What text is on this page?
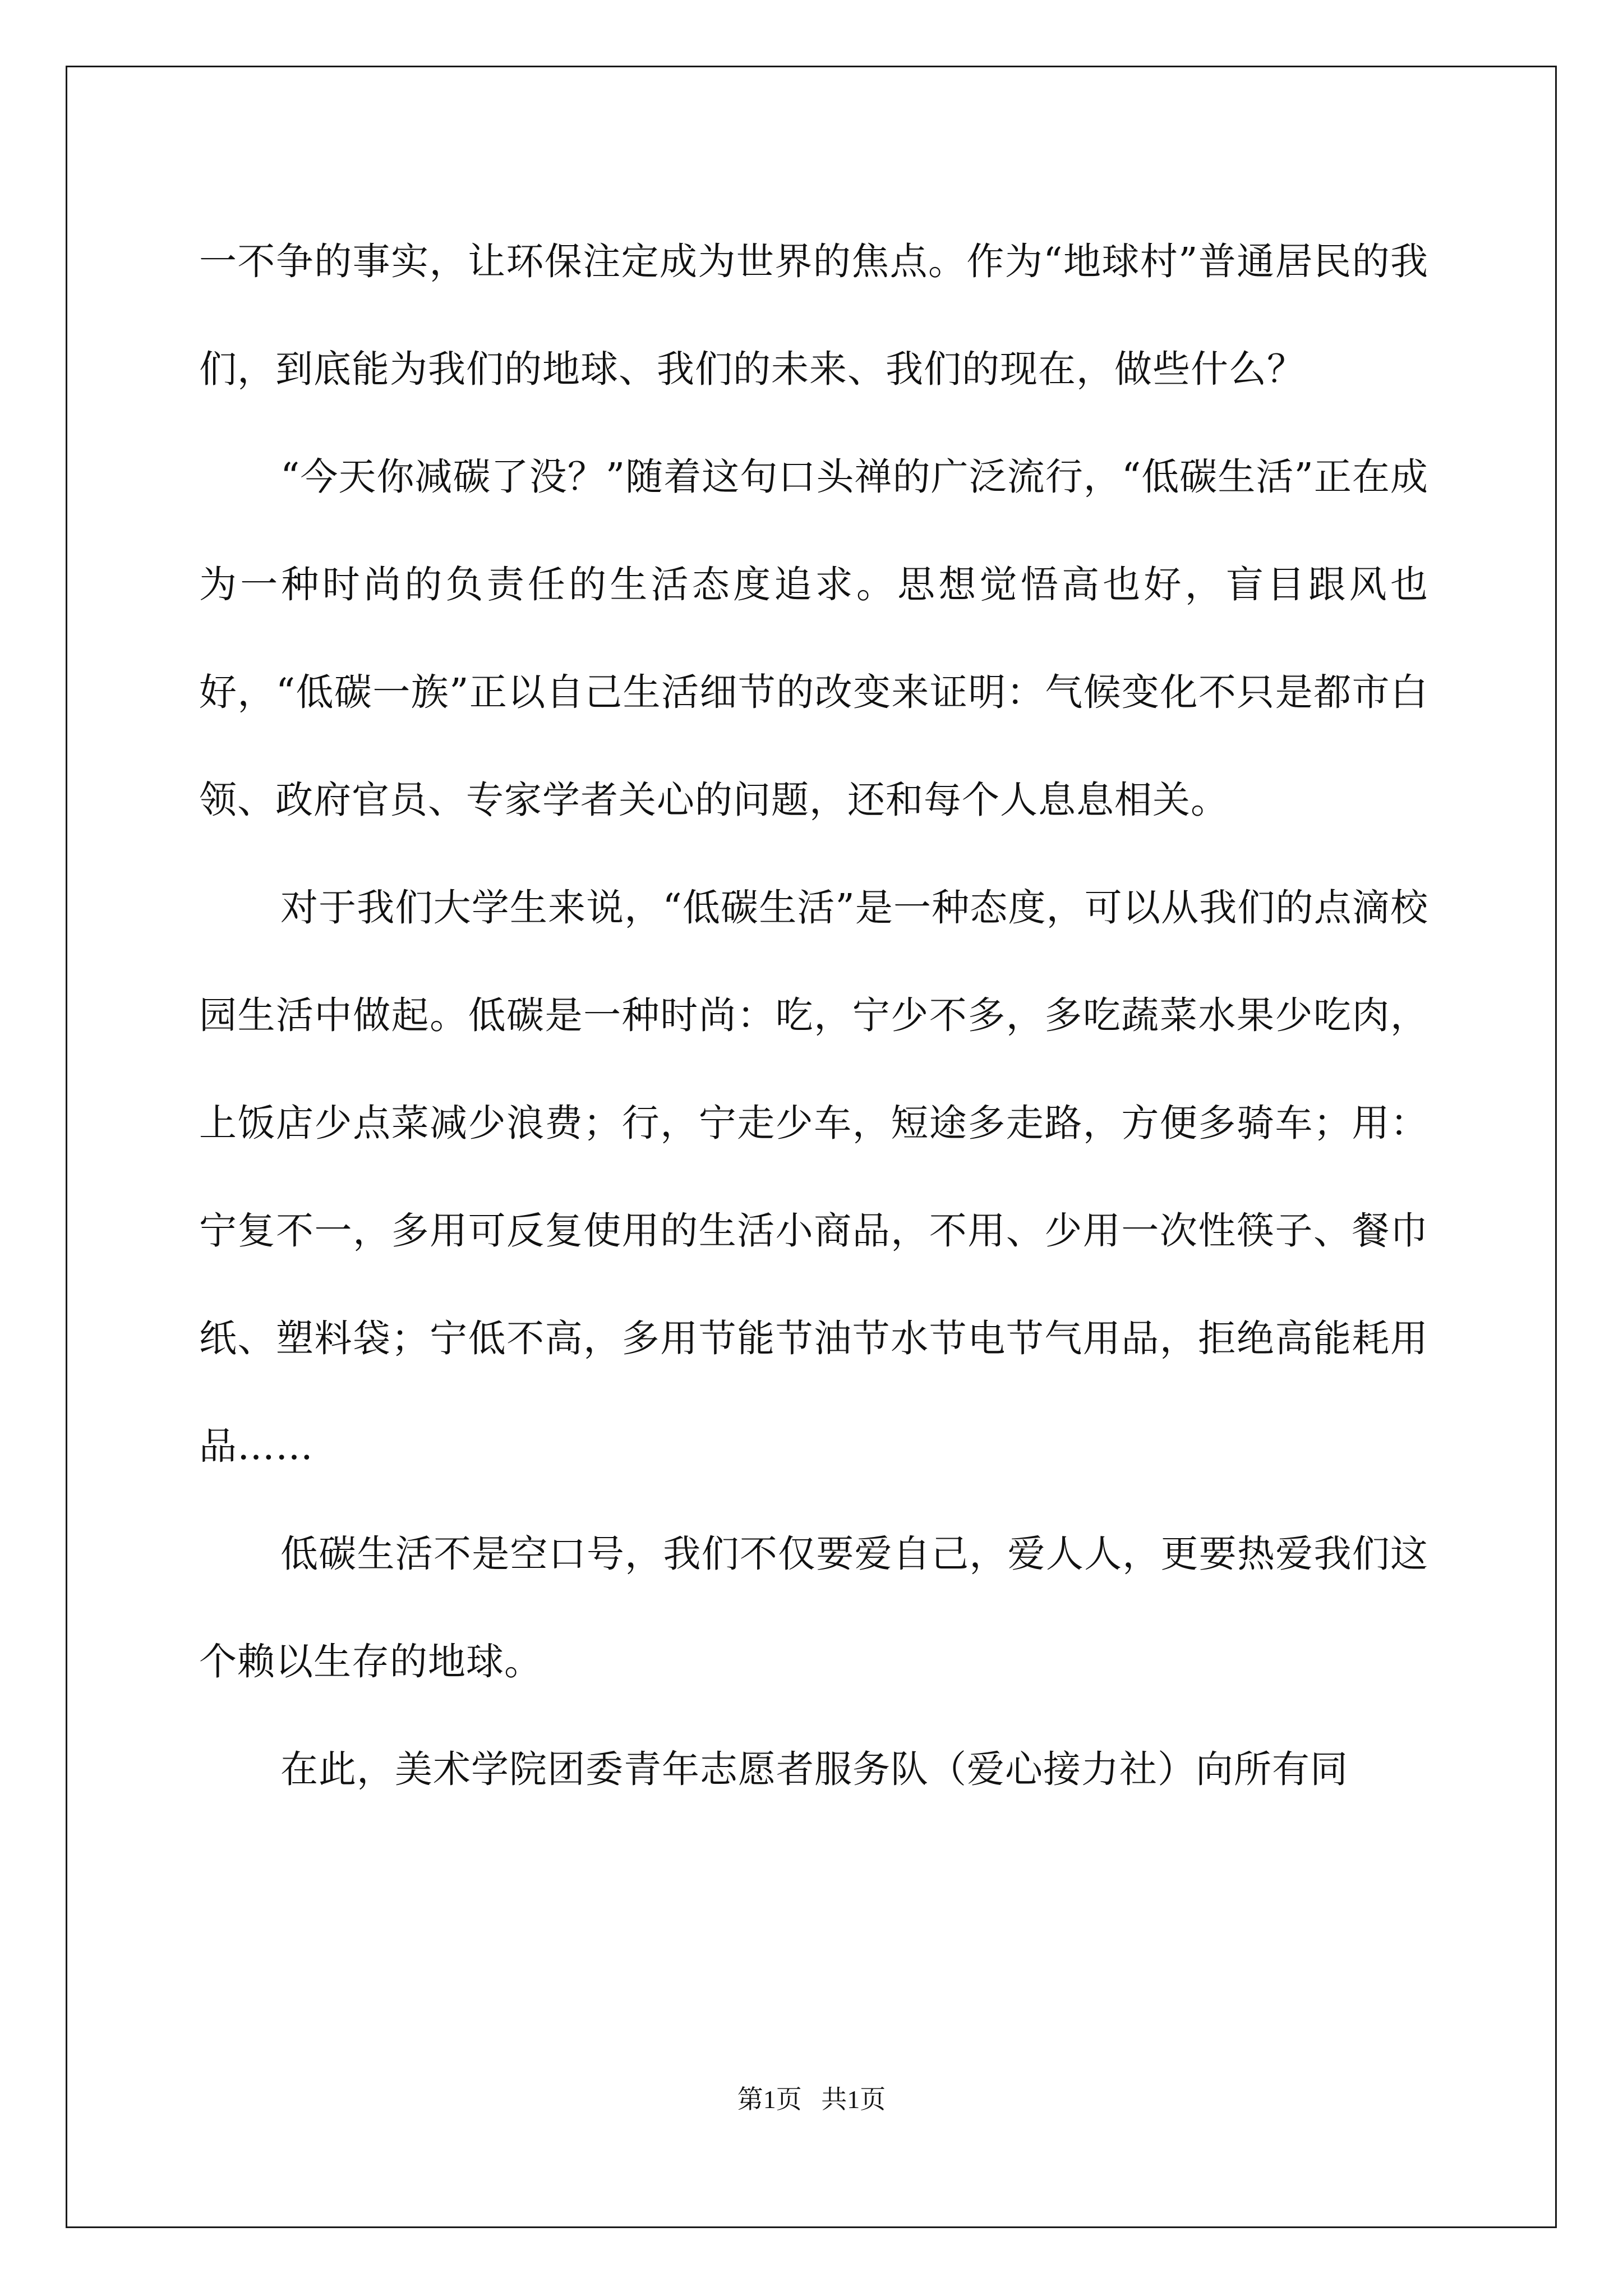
一不争的事实，让环保注定成为世界的焦点。作为“地球村”普通居民的我们，到底能为我们的地球、我们的未来、我们的现在，做些什么？

“今天你减碳了没？”随着这句口头禅的广泛流行，“低碳生活”正在成为一种时尚的负责任的生活态度追求。思想觉悟高也好，盲目跟风也好，“低碳一族”正以自己生活细节的改变来证明：气候变化不只是都市白领、政府官员、专家学者关心的问题，还和每个人息息相关。

对于我们大学生来说，“低碳生活”是一种态度，可以从我们的点滴校园生活中做起。低碳是一种时尚：吃，宁少不多，多吃蔬菜水果少吃肉，上饭店少点菜减少浪费；行，宁走少车，短途多走路，方便多骑车；用：宁复不一，多用可反复使用的生活小商品，不用、少用一次性筷子、餐巾纸、塑料袋；宁低不高，多用节能节油节水节电节气用品，拒绝高能耗用品……

低碳生活不是空口号，我们不仅要爱自己，爱人人，更要热爱我们这个赖以生存的地球。

在此，美术学院团委青年志愿者服务队（爱心接力社）向所有同

第1页   共1页
